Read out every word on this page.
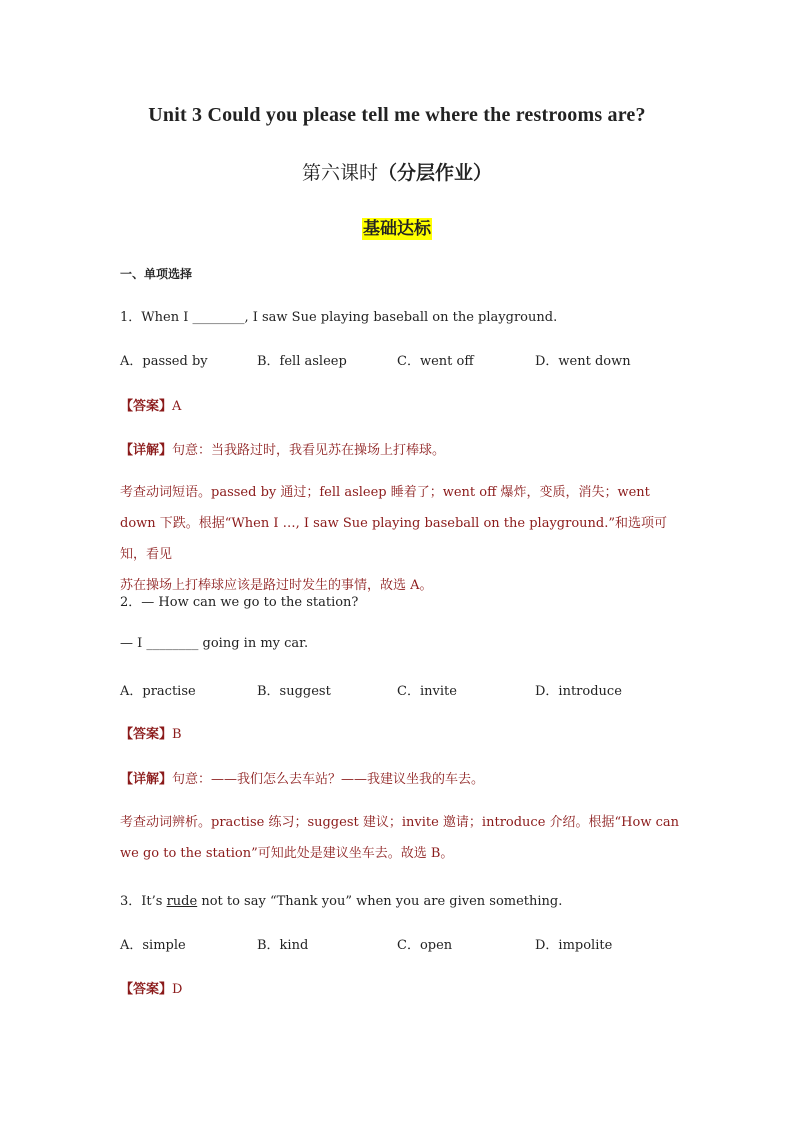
Unit 3 Could you please tell me where the restrooms are?
第六课时（分层作业）
基础达标
一、单项选择
1．When I ________, I saw Sue playing baseball on the playground.
A．passed by	B．fell asleep	C．went off	D．went down
【答案】A
【详解】句意：当我路过时，我看见苏在操场上打棒球。
考查动词短语。passed by 通过；fell asleep 睡着了；went off 爆炸，变质，消失；went
down 下跌。根据“When I …, I saw Sue playing baseball on the playground.”和选项可知，看见
苏在操场上打棒球应该是路过时发生的事情，故选 A。
2．— How can we go to the station?
— I ________ going in my car.
A．practise	B．suggest	C．invite	D．introduce
【答案】B
【详解】句意：——我们怎么去车站？——我建议坐我的车去。
考查动词辨析。practise 练习；suggest 建议；invite 邀请；introduce 介绍。根据“How can
we go to the station”可知此处是建议坐车去。故选 B。
3．It’s rude not to say “Thank you” when you are given something.
A．simple	B．kind	C．open	D．impolite
【答案】D
